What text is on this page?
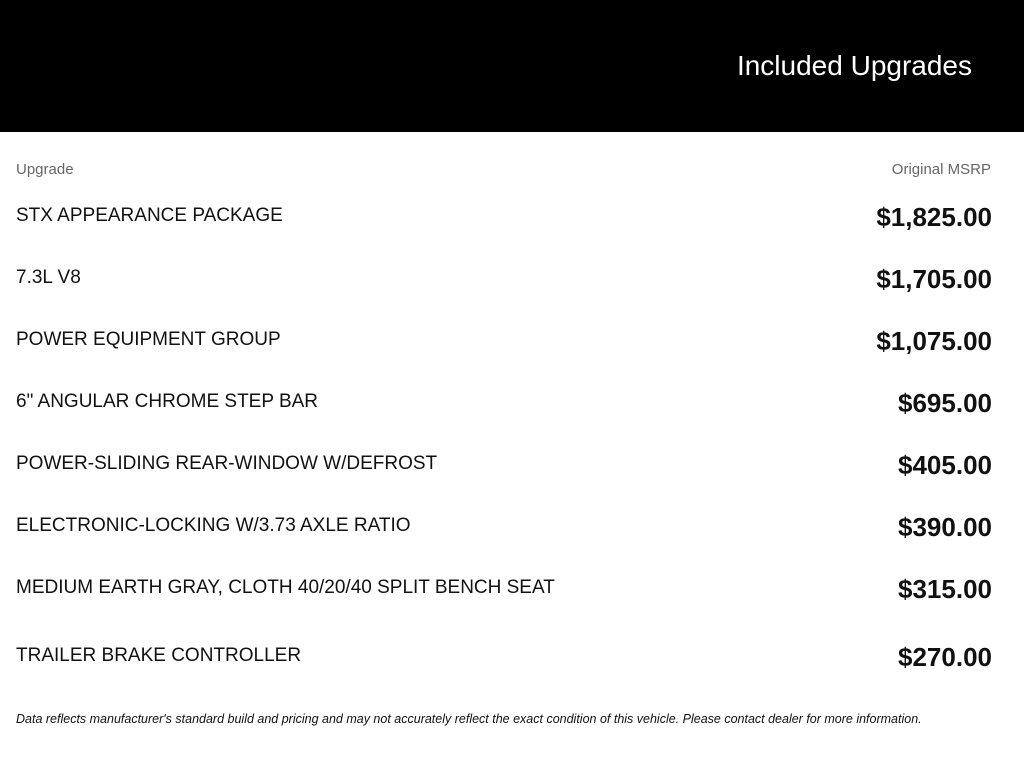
Included Upgrades
Upgrade	Original MSRP
STX APPEARANCE PACKAGE	$1,825.00
7.3L V8	$1,705.00
POWER EQUIPMENT GROUP	$1,075.00
6" ANGULAR CHROME STEP BAR	$695.00
POWER-SLIDING REAR-WINDOW W/DEFROST	$405.00
ELECTRONIC-LOCKING W/3.73 AXLE RATIO	$390.00
MEDIUM EARTH GRAY, CLOTH 40/20/40 SPLIT BENCH SEAT	$315.00
TRAILER BRAKE CONTROLLER	$270.00
Data reflects manufacturer's standard build and pricing and may not accurately reflect the exact condition of this vehicle. Please contact dealer for more information.
